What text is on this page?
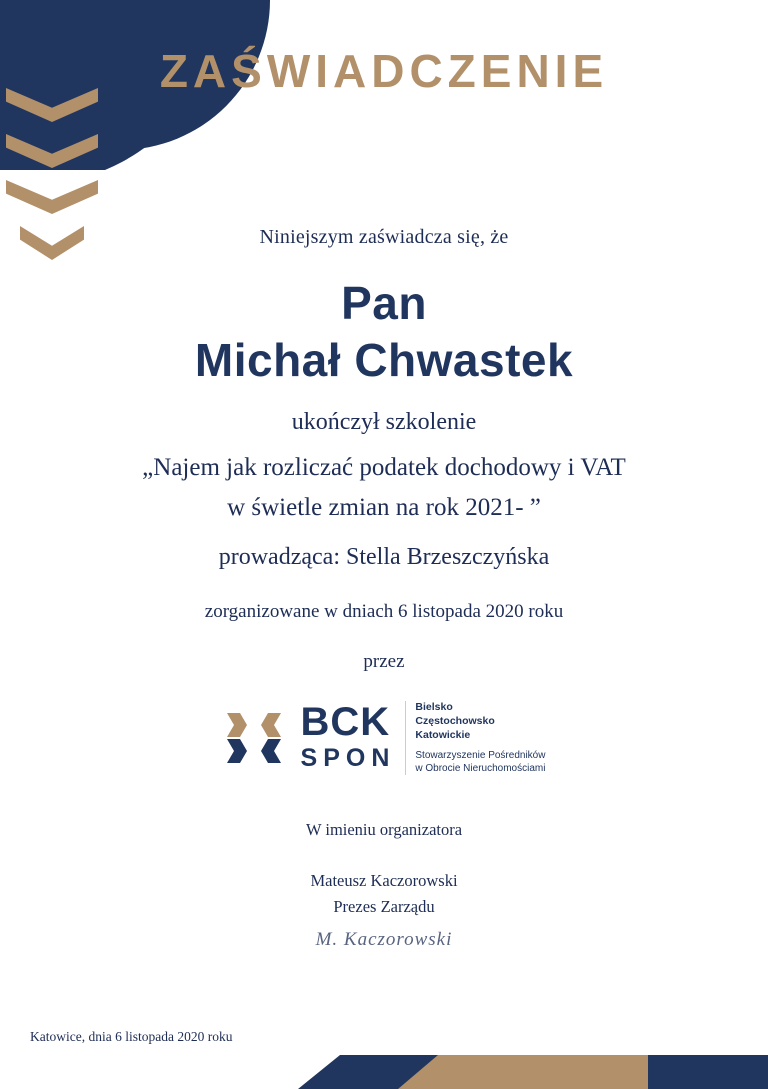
ZAŚWIADCZENIE
Niniejszym zaświadcza się, że
Pan
Michał Chwastek
ukończył szkolenie
„Najem jak rozliczać podatek dochodowy i VAT
w świetle zmian na rok 2021- ”
prowadząca: Stella Brzeszczyńska
zorganizowane w dniach 6 listopada 2020 roku
przez
BCK
SPON
Bielsko
Częstochowsko
Katowickie
Stowarzyszenie Pośredników
w Obrocie Nieruchomościami
W imieniu organizatora
Mateusz Kaczorowski
Prezes Zarządu
M. Kaczorowski
Katowice, dnia 6 listopada 2020 roku
